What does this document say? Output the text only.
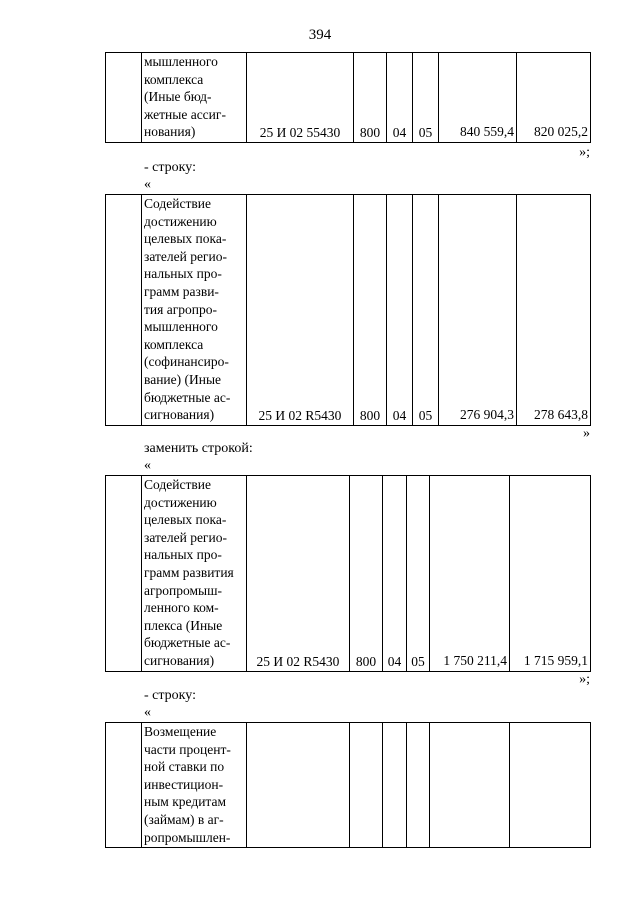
394

мышленного
комплекса
(Иные бюд-
жетные ассиг-
нования)	25 И 02 55430	800	04	05	840 559,4	820 025,2
»;
- строку:
«

Содействие
достижению
целевых пока-
зателей регио-
нальных про-
грамм разви-
тия агропро-
мышленного
комплекса
(софинансиро-
вание) (Иные
бюджетные ас-
сигнования)	25 И 02 R5430	800	04	05	276 904,3	278 643,8
»
заменить строкой:
«

Содействие
достижению
целевых пока-
зателей регио-
нальных про-
грамм развития
агропромыш-
ленного ком-
плекса (Иные
бюджетные ас-
сигнования)	25 И 02 R5430	800	04	05	1 750 211,4	1 715 959,1
»;
- строку:
«

Возмещение
части процент-
ной ставки по
инвестицион-
ным кредитам
(займам) в аг-
ропромышлен-
